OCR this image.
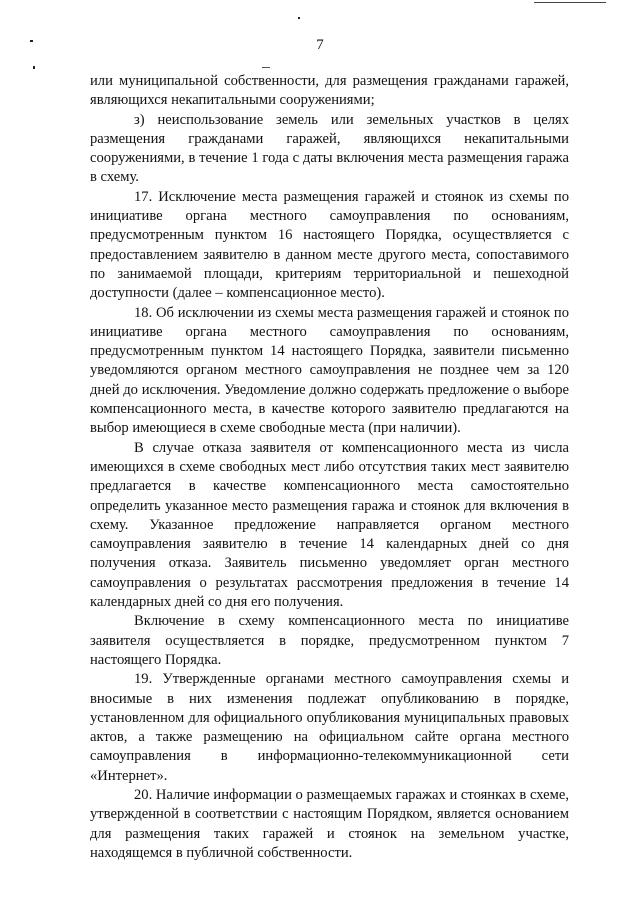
7

или муниципальной собственности, для размещения гражданами гаражей, являющихся некапитальными сооружениями;

з) неиспользование земель или земельных участков в целях размещения гражданами гаражей, являющихся некапитальными сооружениями, в течение 1 года с даты включения места размещения гаража в схему.

17. Исключение места размещения гаражей и стоянок из схемы по инициативе органа местного самоуправления по основаниям, предусмотренным пунктом 16 настоящего Порядка, осуществляется с предоставлением заявителю в данном месте другого места, сопоставимого по занимаемой площади, критериям территориальной и пешеходной доступности (далее – компенсационное место).

18. Об исключении из схемы места размещения гаражей и стоянок по инициативе органа местного самоуправления по основаниям, предусмотренным пунктом 14 настоящего Порядка, заявители письменно уведомляются органом местного самоуправления не позднее чем за 120 дней до исключения. Уведомление должно содержать предложение о выборе компенсационного места, в качестве которого заявителю предлагаются на выбор имеющиеся в схеме свободные места (при наличии).

В случае отказа заявителя от компенсационного места из числа имеющихся в схеме свободных мест либо отсутствия таких мест заявителю предлагается в качестве компенсационного места самостоятельно определить указанное место размещения гаража и стоянок для включения в схему. Указанное предложение направляется органом местного самоуправления заявителю в течение 14 календарных дней со дня получения отказа. Заявитель письменно уведомляет орган местного самоуправления о результатах рассмотрения предложения в течение 14 календарных дней со дня его получения.

Включение в схему компенсационного места по инициативе заявителя осуществляется в порядке, предусмотренном пунктом 7 настоящего Порядка.

19. Утвержденные органами местного самоуправления схемы и вносимые в них изменения подлежат опубликованию в порядке, установленном для официального опубликования муниципальных правовых актов, а также размещению на официальном сайте органа местного самоуправления в информационно-телекоммуникационной сети «Интернет».

20. Наличие информации о размещаемых гаражах и стоянках в схеме, утвержденной в соответствии с настоящим Порядком, является основанием для размещения таких гаражей и стоянок на земельном участке, находящемся в публичной собственности.
